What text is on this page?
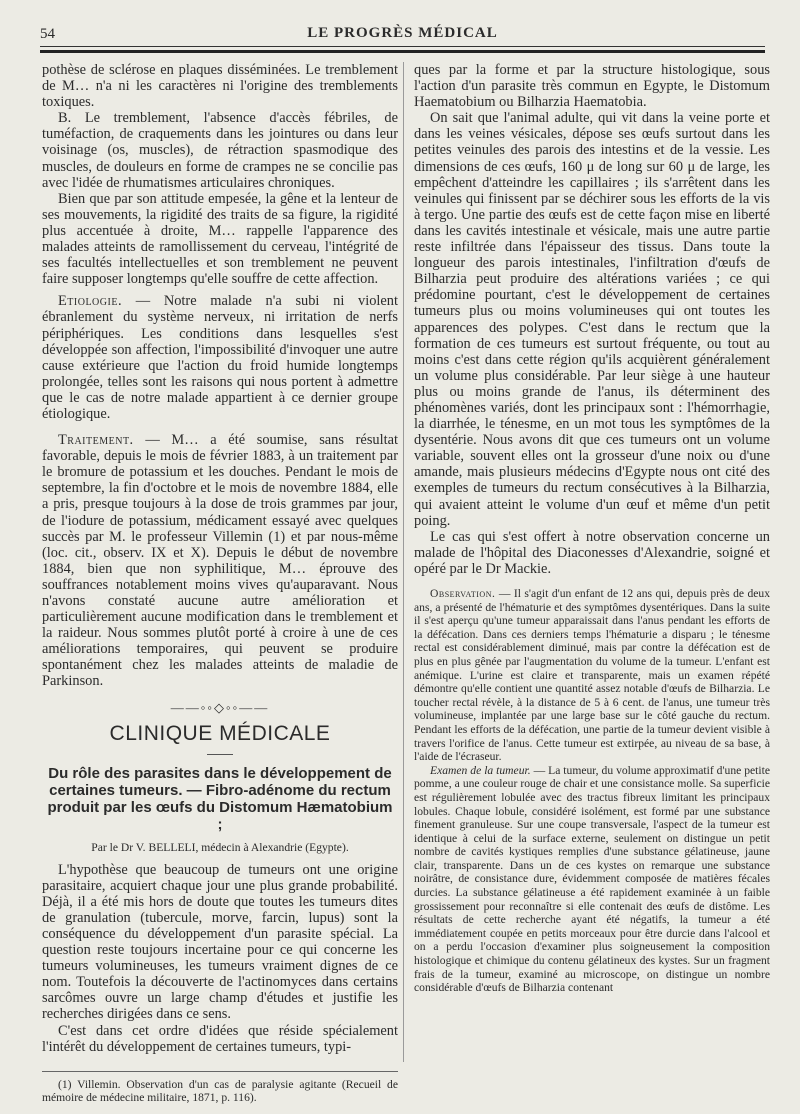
54	LE PROGRÈS MÉDICAL

pothèse de sclérose en plaques disséminées. Le tremblement de M… n'a ni les caractères ni l'origine des tremblements toxiques.

B. Le tremblement, l'absence d'accès fébriles, de tuméfaction, de craquements dans les jointures ou dans leur voisinage (os, muscles), de rétraction spasmodique des muscles, de douleurs en forme de crampes ne se concilie pas avec l'idée de rhumatismes articulaires chroniques.

Bien que par son attitude empesée, la gêne et la lenteur de ses mouvements, la rigidité des traits de sa figure, la rigidité plus accentuée à droite, M… rappelle l'apparence des malades atteints de ramollissement du cerveau, l'intégrité de ses facultés intellectuelles et son tremblement ne peuvent faire supposer longtemps qu'elle souffre de cette affection.

Etiologie. — Notre malade n'a subi ni violent ébranlement du système nerveux, ni irritation de nerfs périphériques. Les conditions dans lesquelles s'est développée son affection, l'impossibilité d'invoquer une autre cause extérieure que l'action du froid humide longtemps prolongée, telles sont les raisons qui nous portent à admettre que le cas de notre malade appartient à ce dernier groupe étiologique.

Traitement. — M… a été soumise, sans résultat favorable, depuis le mois de février 1883, à un traitement par le bromure de potassium et les douches. Pendant le mois de septembre, la fin d'octobre et le mois de novembre 1884, elle a pris, presque toujours à la dose de trois grammes par jour, de l'iodure de potassium, médicament essayé avec quelques succès par M. le professeur Villemin (1) et par nous-même (loc. cit., observ. IX et X). Depuis le début de novembre 1884, bien que non syphilitique, M… éprouve des souffrances notablement moins vives qu'auparavant. Nous n'avons constaté aucune autre amélioration et particulièrement aucune modification dans le tremblement et la raideur. Nous sommes plutôt porté à croire à une de ces améliorations temporaires, qui peuvent se produire spontanément chez les malades atteints de maladie de Parkinson.

——◦◦◇◦◦——
CLINIQUE MÉDICALE
Du rôle des parasites dans le développement de certaines tumeurs. — Fibro-adénome du rectum produit par les œufs du Distomum Hæmatobium ;
Par le Dr V. BELLELI, médecin à Alexandrie (Egypte).

L'hypothèse que beaucoup de tumeurs ont une origine parasitaire, acquiert chaque jour une plus grande probabilité. Déjà, il a été mis hors de doute que toutes les tumeurs dites de granulation (tubercule, morve, farcin, lupus) sont la conséquence du développement d'un parasite spécial. La question reste toujours incertaine pour ce qui concerne les tumeurs volumineuses, les tumeurs vraiment dignes de ce nom. Toutefois la découverte de l'actinomyces dans certains sarcômes ouvre un large champ d'études et justifie les recherches dirigées dans ce sens.

C'est dans cet ordre d'idées que réside spécialement l'intérêt du développement de certaines tumeurs, typi-

(1) Villemin. Observation d'un cas de paralysie agitante (Recueil de mémoire de médecine militaire, 1871, p. 116).

ques par la forme et par la structure histologique, sous l'action d'un parasite très commun en Egypte, le Distomum Haematobium ou Bilharzia Haematobia.

On sait que l'animal adulte, qui vit dans la veine porte et dans les veines vésicales, dépose ses œufs surtout dans les petites veinules des parois des intestins et de la vessie. Les dimensions de ces œufs, 160 μ de long sur 60 μ de large, les empêchent d'atteindre les capillaires ; ils s'arrêtent dans les veinules qui finissent par se déchirer sous les efforts de la vis à tergo. Une partie des œufs est de cette façon mise en liberté dans les cavités intestinale et vésicale, mais une autre partie reste infiltrée dans l'épaisseur des tissus. Dans toute la longueur des parois intestinales, l'infiltration d'œufs de Bilharzia peut produire des altérations variées ; ce qui prédomine pourtant, c'est le développement de certaines tumeurs plus ou moins volumineuses qui ont toutes les apparences des polypes. C'est dans le rectum que la formation de ces tumeurs est surtout fréquente, ou tout au moins c'est dans cette région qu'ils acquièrent généralement un volume plus considérable. Par leur siège à une hauteur plus ou moins grande de l'anus, ils déterminent des phénomènes variés, dont les principaux sont : l'hémorrhagie, la diarrhée, le ténesme, en un mot tous les symptômes de la dysentérie. Nous avons dit que ces tumeurs ont un volume variable, souvent elles ont la grosseur d'une noix ou d'une amande, mais plusieurs médecins d'Egypte nous ont cité des exemples de tumeurs du rectum consécutives à la Bilharzia, qui avaient atteint le volume d'un œuf et même d'un petit poing.

Le cas qui s'est offert à notre observation concerne un malade de l'hôpital des Diaconesses d'Alexandrie, soigné et opéré par le Dr Mackie.

Observation. — Il s'agit d'un enfant de 12 ans qui, depuis près de deux ans, a présenté de l'hématurie et des symptômes dysentériques. Dans la suite il s'est aperçu qu'une tumeur apparaissait dans l'anus pendant les efforts de la défécation. Dans ces derniers temps l'hématurie a disparu ; le ténesme rectal est considérablement diminué, mais par contre la défécation est de plus en plus gênée par l'augmentation du volume de la tumeur. L'enfant est anémique. L'urine est claire et transparente, mais un examen répété démontre qu'elle contient une quantité assez notable d'œufs de Bilharzia. Le toucher rectal révèle, à la distance de 5 à 6 cent. de l'anus, une tumeur très volumineuse, implantée par une large base sur le côté gauche du rectum. Pendant les efforts de la défécation, une partie de la tumeur devient visible à travers l'orifice de l'anus. Cette tumeur est extirpée, au niveau de sa base, à l'aide de l'écraseur.

Examen de la tumeur. — La tumeur, du volume approximatif d'une petite pomme, a une couleur rouge de chair et une consistance molle. Sa superficie est régulièrement lobulée avec des tractus fibreux limitant les principaux lobules. Chaque lobule, considéré isolément, est formé par une substance finement granuleuse. Sur une coupe transversale, l'aspect de la tumeur est identique à celui de la surface externe, seulement on distingue un petit nombre de cavités kystiques remplies d'une substance gélatineuse, jaune clair, transparente. Dans un de ces kystes on remarque une substance noirâtre, de consistance dure, évidemment composée de matières fécales durcies. La substance gélatineuse a été rapidement examinée à un faible grossissement pour reconnaître si elle contenait des œufs de distôme. Les résultats de cette recherche ayant été négatifs, la tumeur a été immédiatement coupée en petits morceaux pour être durcie dans l'alcool et on a perdu l'occasion d'examiner plus soigneusement la composition histologique et chimique du contenu gélatineux des kystes. Sur un fragment frais de la tumeur, examiné au microscope, on distingue un nombre considérable d'œufs de Bilharzia contenant
